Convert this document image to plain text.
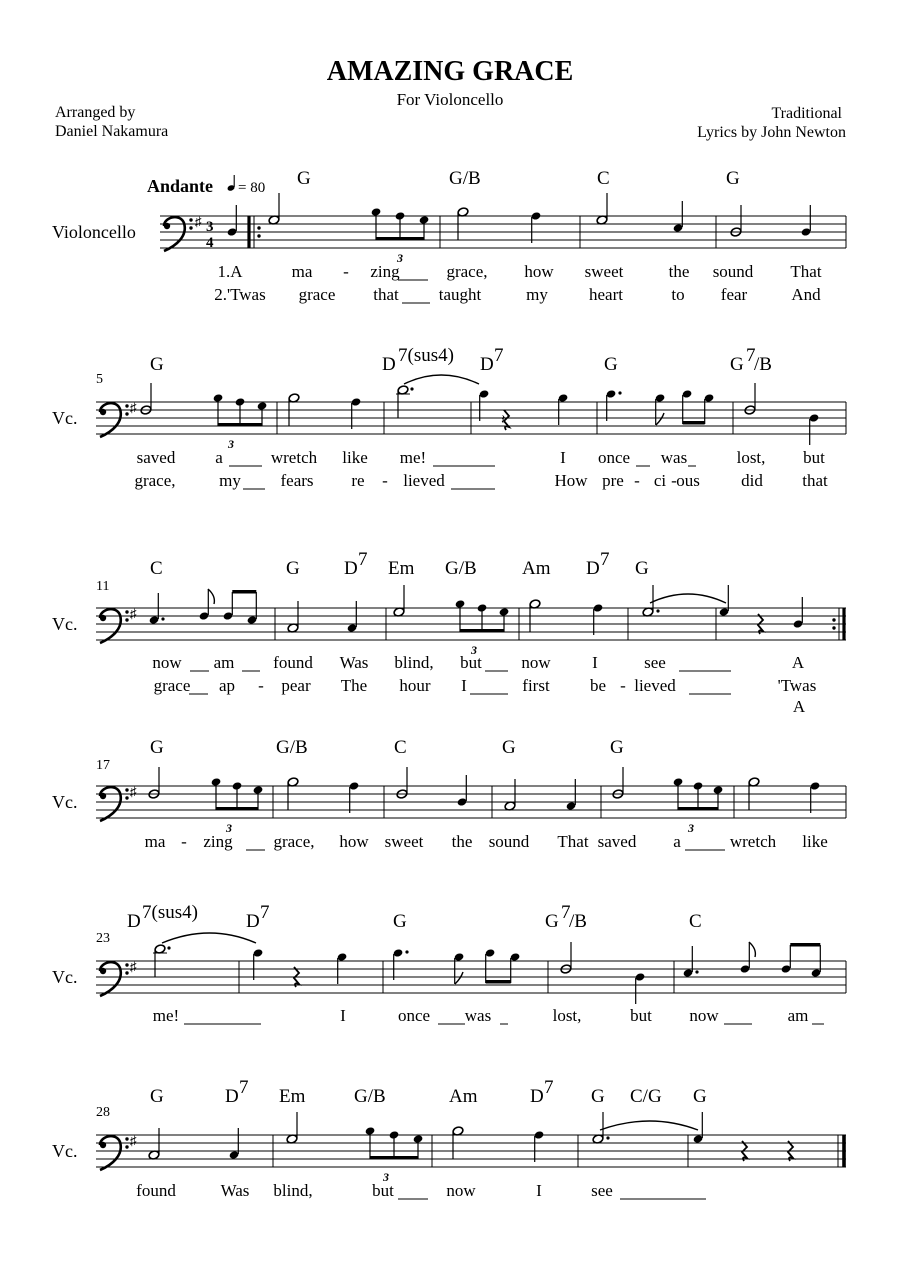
AMAZING GRACE
For Violoncello
Arranged by
Daniel Nakamura
Traditional
Lyrics by John Newton
Andante = 80
Violoncello
♯ 3
4
3
G	G/B	C	G
1.A	ma - zing	grace, how sweet	the sound That
2.'Twas grace that taught	my heart	to fear	And
5
Vc.
♯
3
𝄽
G	D 7(sus4) D 7	G	G 7
/B
saved a	wretch like me!	I once was	lost, but
grace,	my fears re - lieved	How pre - ci - ous did that
11
Vc.
♯
3
C	G D 7 Em G/B Am D 7 G
now am found Was blind, but now I	see	A
grace ap - pear The hour I	first be - lieved	'Twas
A
17
Vc.
♯
3	3
G	G/B	C	G	G
ma - zing grace, how sweet the sound That saved a	wretch like
23
Vc.
♯
D 7(sus4)	D 7	G	G 7
/B	C
me!	I	once was	lost,	but now	am
28
Vc.
♯
3
G	D 7 Em	G/B	Am	D 7 G C/G G
found	Was blind,	but	now	I	see
